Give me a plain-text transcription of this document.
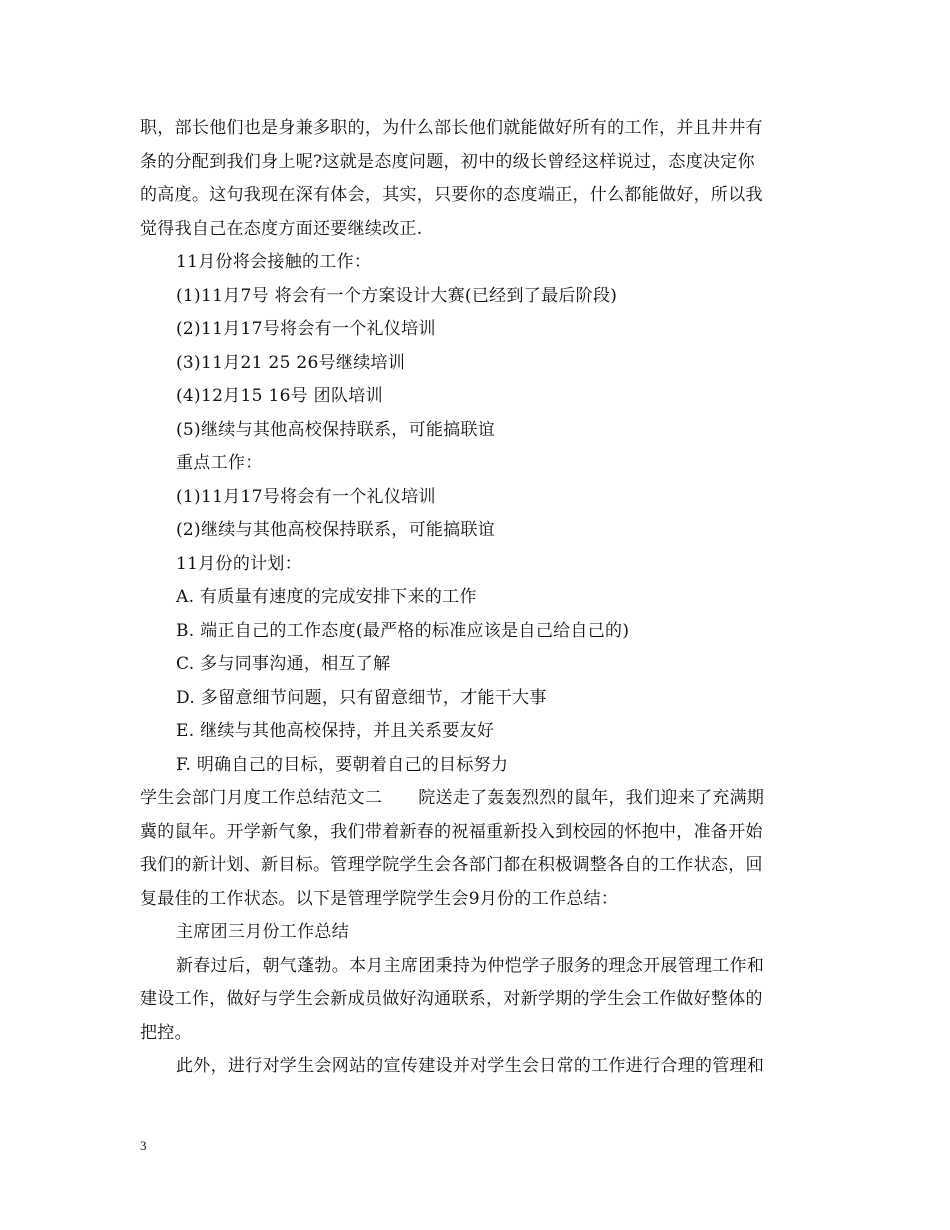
职，部长他们也是身兼多职的，为什么部长他们就能做好所有的工作，并且井井有
条的分配到我们身上呢?这就是态度问题，初中的级长曾经这样说过，态度决定你
的高度。这句我现在深有体会，其实，只要你的态度端正，什么都能做好，所以我
觉得我自己在态度方面还要继续改正.
11月份将会接触的工作：
(1)11月7号 将会有一个方案设计大赛(已经到了最后阶段)
(2)11月17号将会有一个礼仪培训
(3)11月21 25 26号继续培训
(4)12月15 16号 团队培训
(5)继续与其他高校保持联系，可能搞联谊
重点工作：
(1)11月17号将会有一个礼仪培训
(2)继续与其他高校保持联系，可能搞联谊
11月份的计划：
A. 有质量有速度的完成安排下来的工作
B. 端正自己的工作态度(最严格的标准应该是自己给自己的)
C. 多与同事沟通，相互了解
D. 多留意细节问题，只有留意细节，才能干大事
E. 继续与其他高校保持，并且关系要友好
F. 明确自己的目标，要朝着自己的目标努力
学生会部门月度工作总结范文二 院送走了轰轰烈烈的鼠年，我们迎来了充满期
冀的鼠年。开学新气象，我们带着新春的祝福重新投入到校园的怀抱中，准备开始
我们的新计划、新目标。管理学院学生会各部门都在积极调整各自的工作状态，回
复最佳的工作状态。以下是管理学院学生会9月份的工作总结：
主席团三月份工作总结
新春过后，朝气蓬勃。本月主席团秉持为仲恺学子服务的理念开展管理工作和
建设工作，做好与学生会新成员做好沟通联系，对新学期的学生会工作做好整体的
把控。
此外，进行对学生会网站的宣传建设并对学生会日常的工作进行合理的管理和
3
